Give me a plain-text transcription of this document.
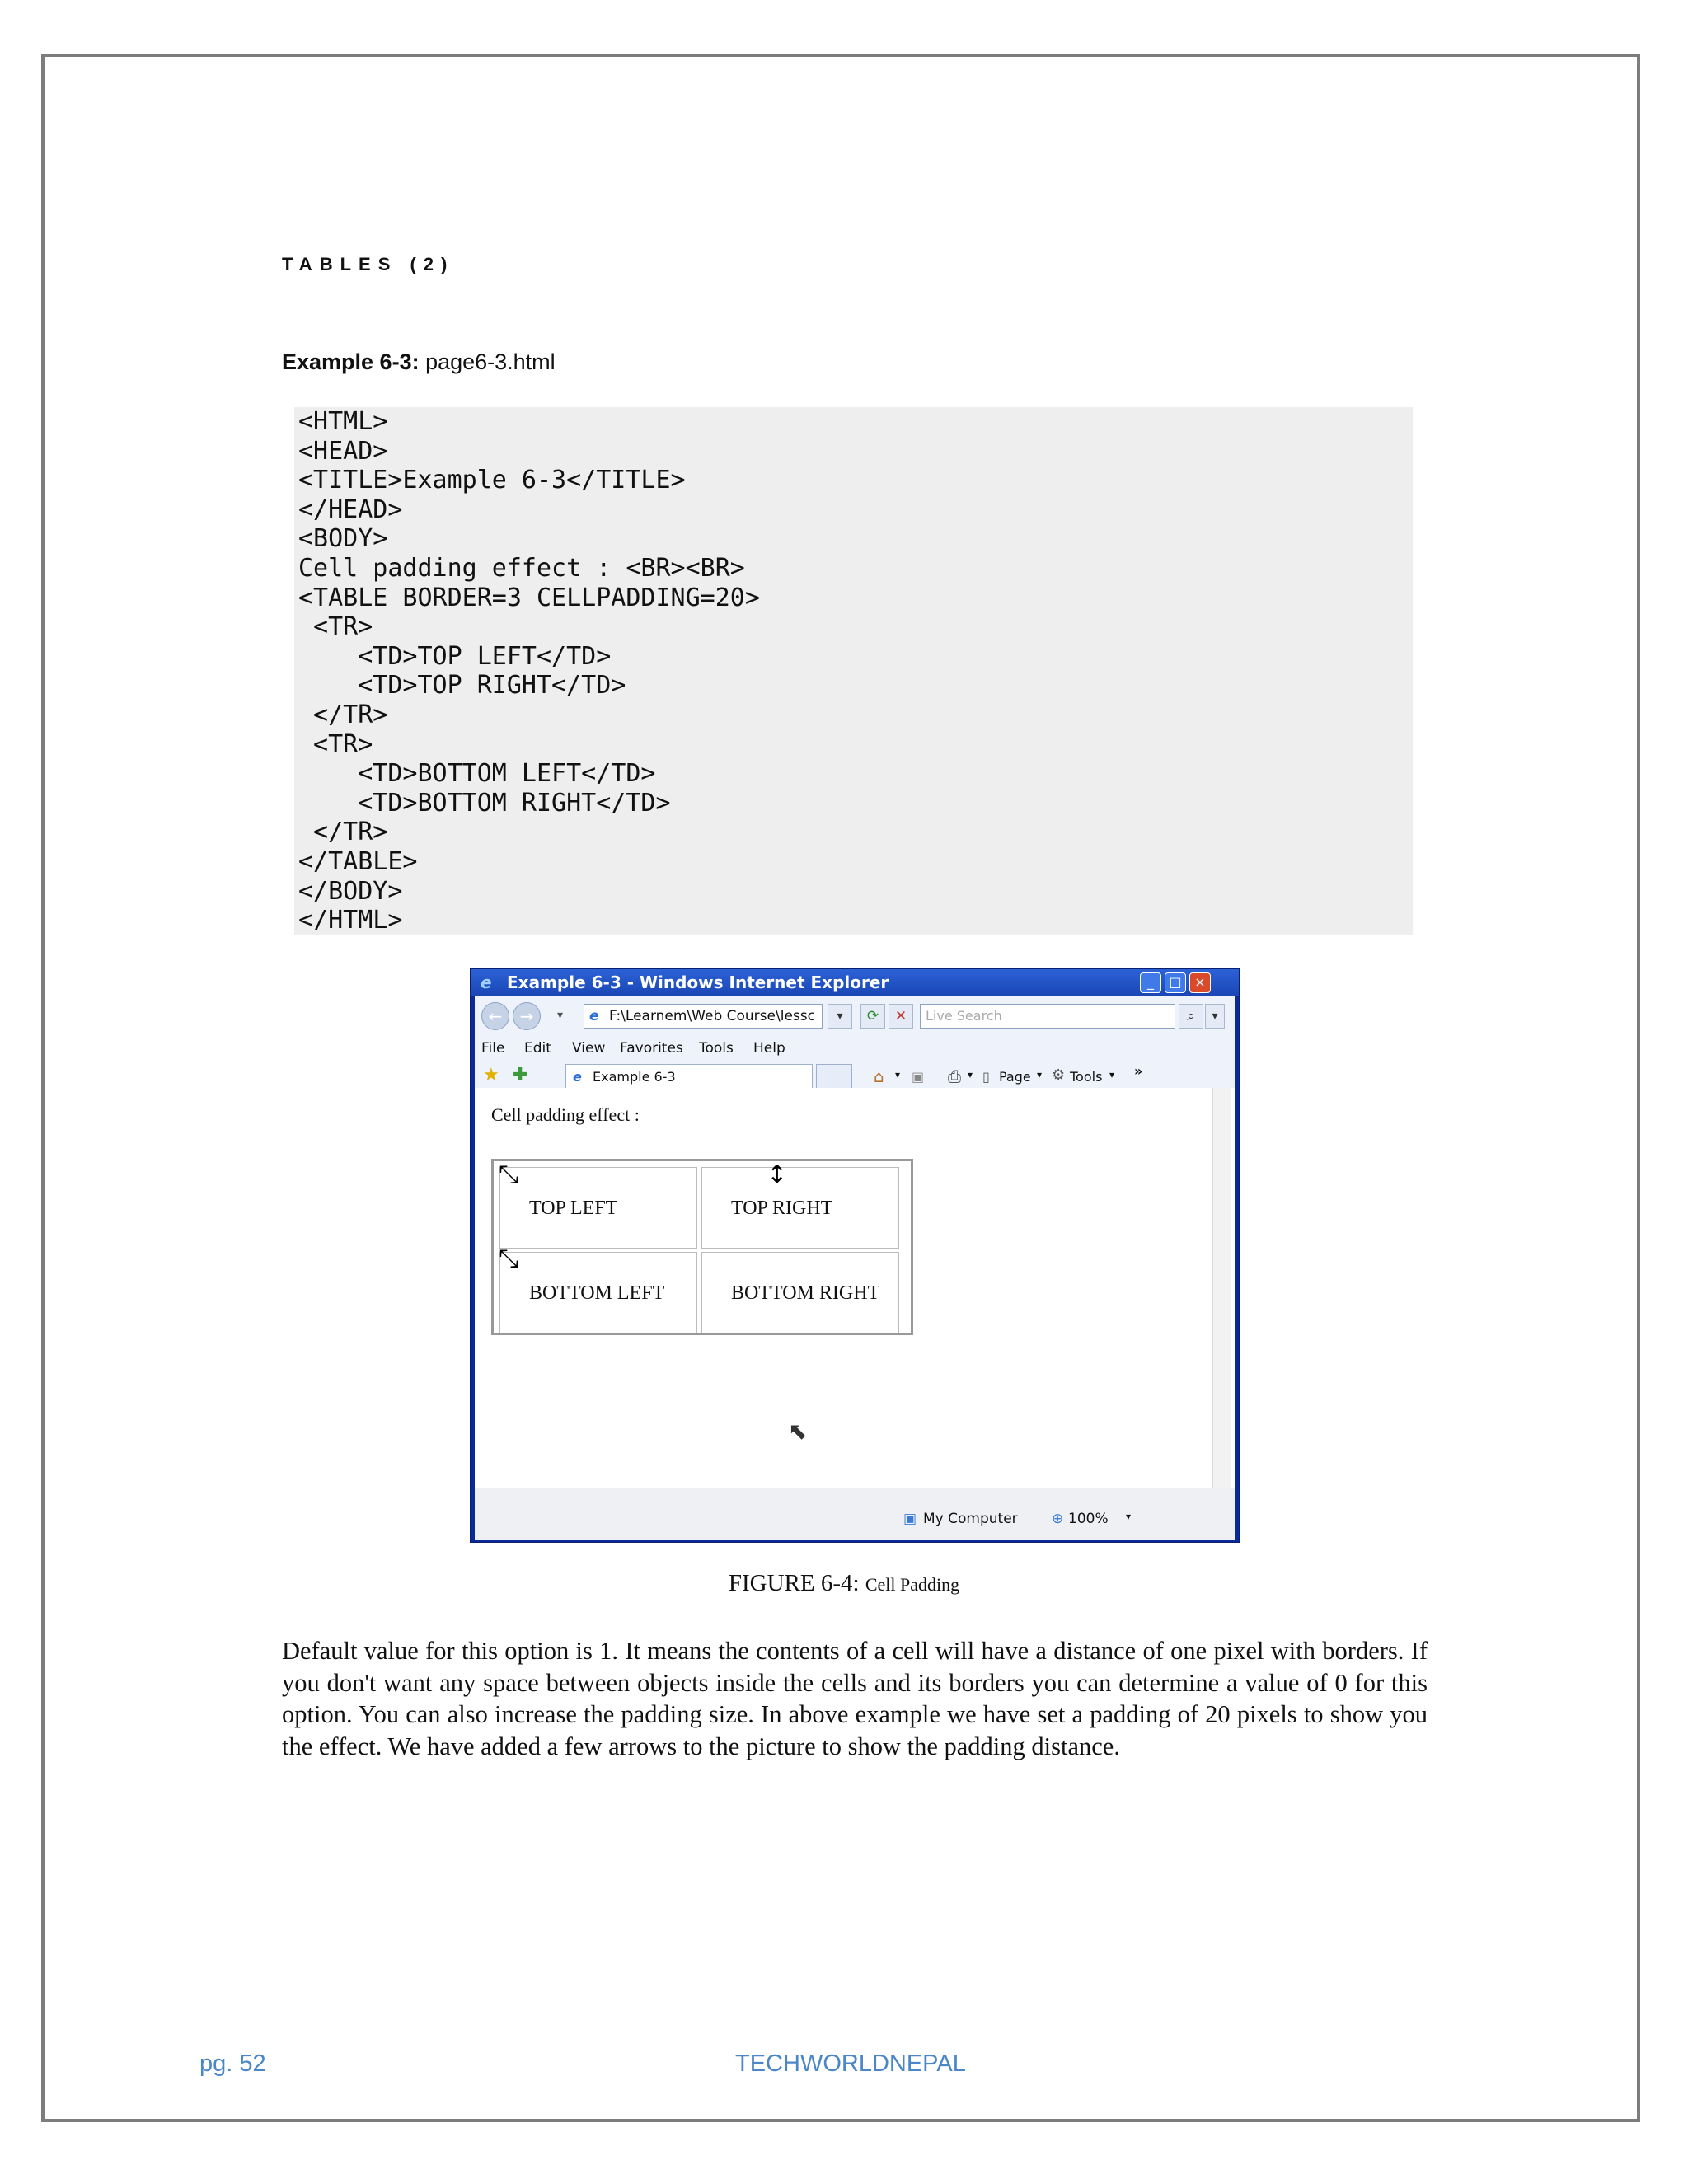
TABLES (2)

Example 6-3: page6-3.html

<HTML>
<HEAD>
<TITLE>Example 6-3</TITLE>
</HEAD>
<BODY>
Cell padding effect : <BR><BR>
<TABLE BORDER=3 CELLPADDING=20>
<TR>
<TD>TOP LEFT</TD>
<TD>TOP RIGHT</TD>
</TR>
<TR>
<TD>BOTTOM LEFT</TD>
<TD>BOTTOM RIGHT</TD>
</TR>
</TABLE>
</BODY>
</HTML>
e Example 6-3 - Windows Internet Explorer	_	□ ×
←	→	▾ e F:\Learnem\Web Course\lessc	▾	⟳	✕	Live Search	⌕	▾
File Edit View Favorites Tools Help
★ ✚	e Example 6-3	⌂ ▾ ▣ ⎙ ▾ ▯ Page ▾ ⚙ Tools ▾ »
Cell padding effect :
TOP LEFT	TOP RIGHT
BOTTOM LEFT	BOTTOM RIGHT
⤡
⤡
↕
⬉
▣ My Computer ⊕ 100% ▾

FIGURE 6-4: Cell Padding

Default value for this option is 1. It means the contents of a cell will have a distance of one pixel with borders. If you don't want any space between objects inside the cells and its borders you can determine a value of 0 for this option. You can also increase the padding size. In above example we have set a padding of 20 pixels to show you the effect. We have added a few arrows to the picture to show the padding distance.

pg. 52	TECHWORLDNEPAL
